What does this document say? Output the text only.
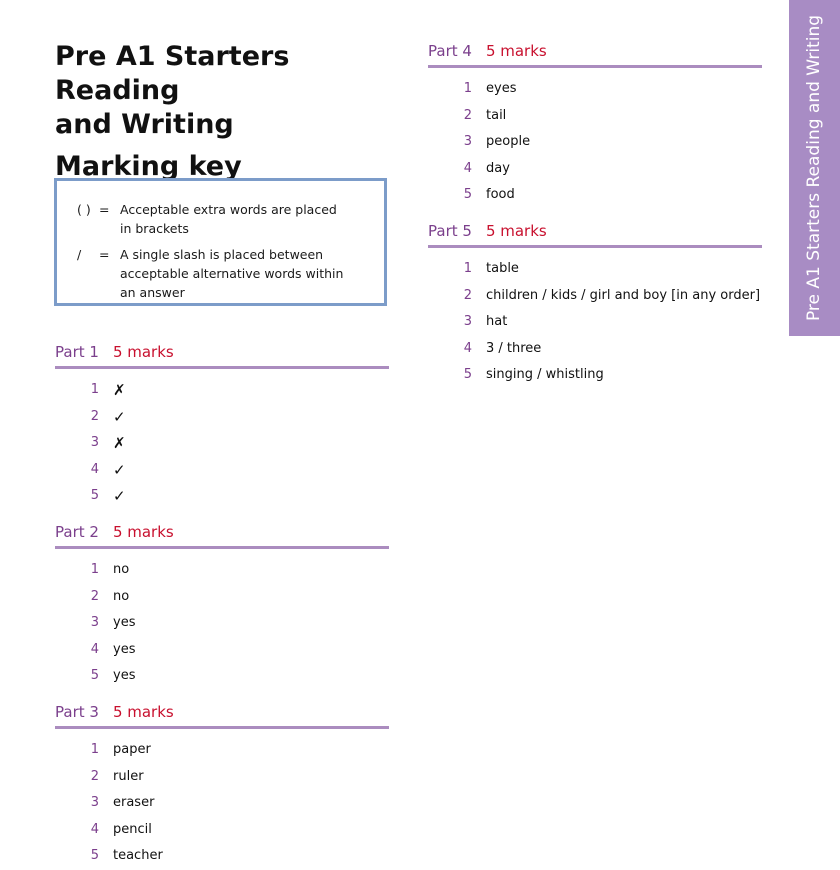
Pre A1 Starters Reading
and Writing
Marking key
( ) = Acceptable extra words are placed in brackets
/	= A single slash is placed between acceptable alternative words within an answer
Part 1 5 marks
1 ✗
2 ✓
3 ✗
4 ✓
5 ✓
Part 2 5 marks
1 no
2 no
3 yes
4 yes
5 yes
Part 3 5 marks
1 paper
2 ruler
3 eraser
4 pencil
5 teacher
Part 4 5 marks
1 eyes
2 tail
3 people
4 day
5 food
Part 5 5 marks
1 table
2 children / kids / girl and boy [in any order]
3 hat
4 3 / three
5 singing / whistling
Pre A1 Starters Reading and Writing
